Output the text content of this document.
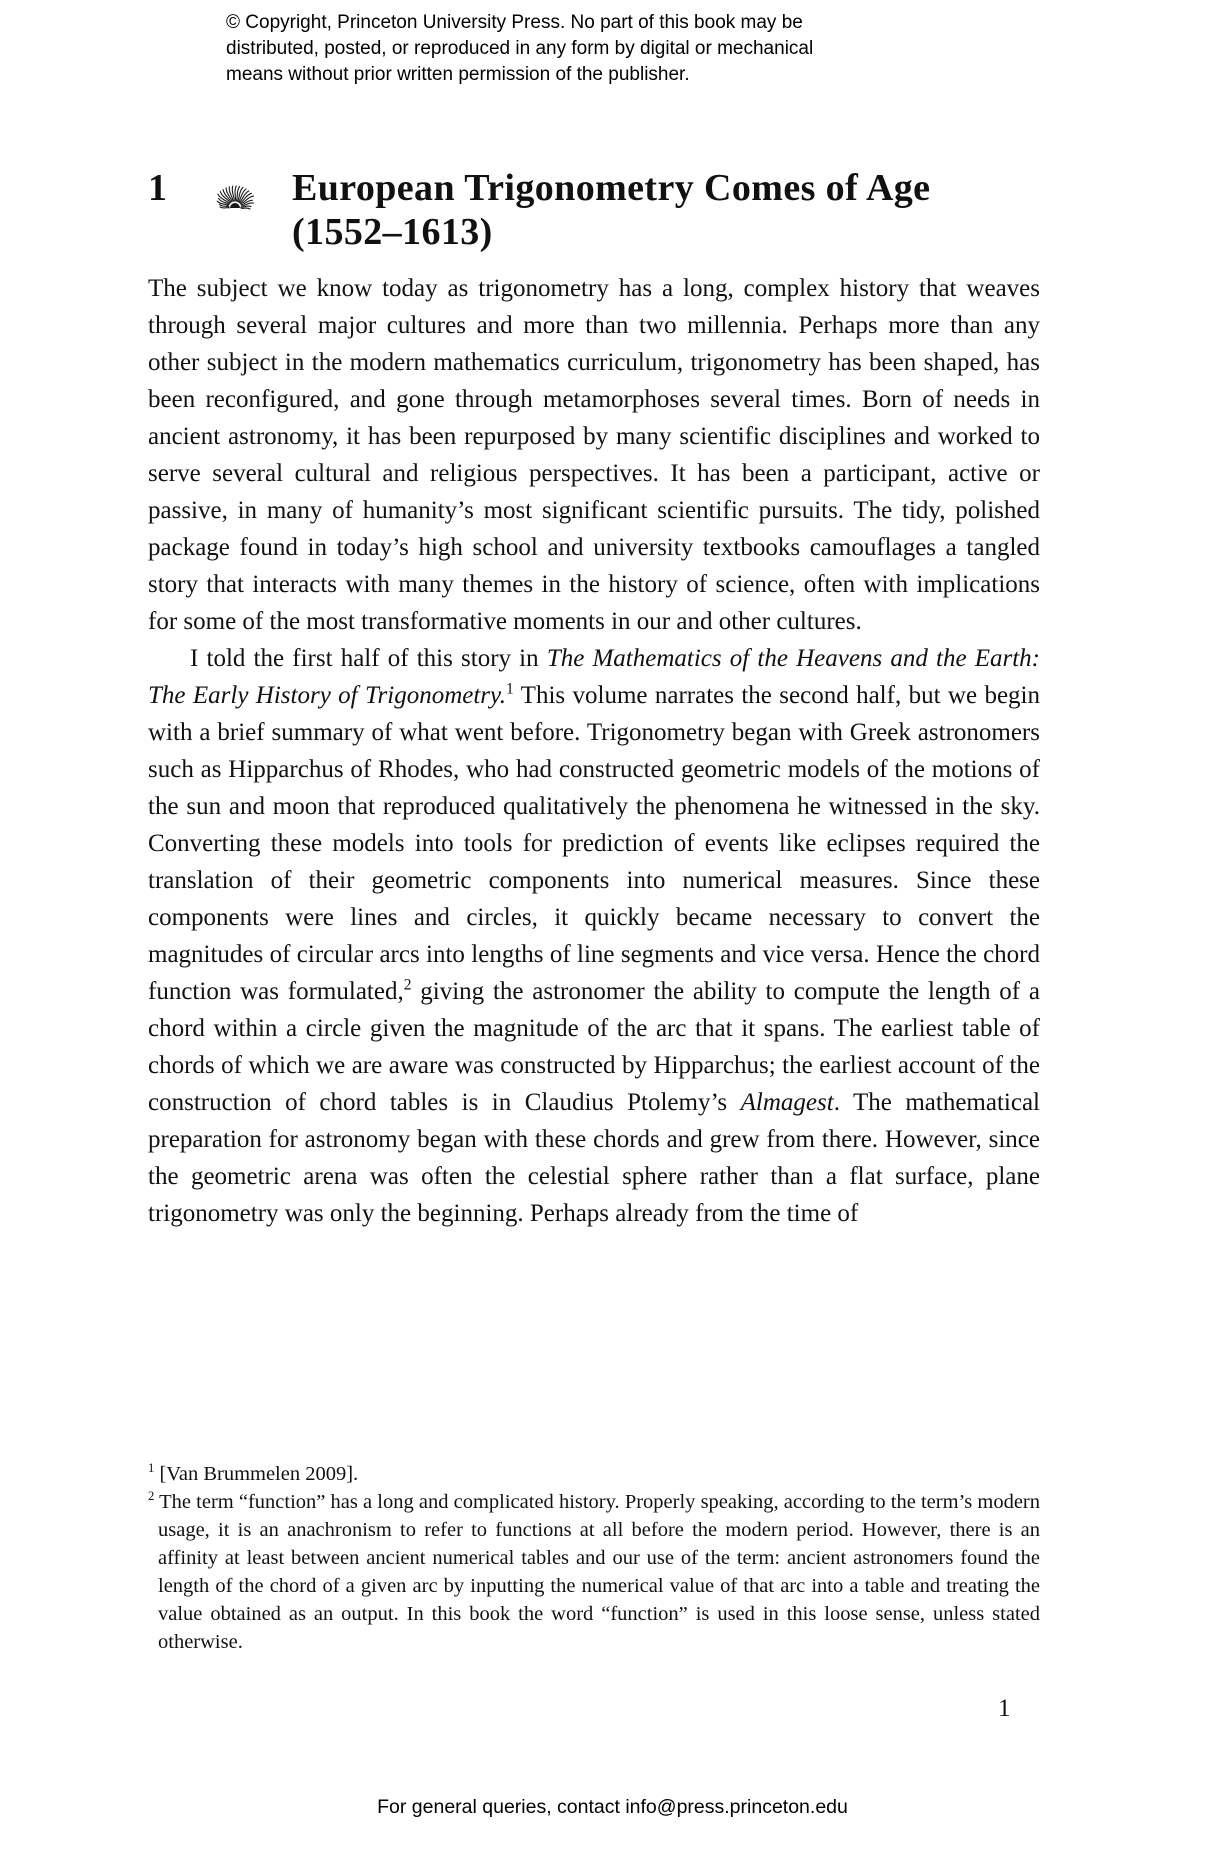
© Copyright, Princeton University Press. No part of this book may be
distributed, posted, or reproduced in any form by digital or mechanical
means without prior written permission of the publisher.
1	European Trigonometry Comes of Age
(1552–1613)

The subject we know today as trigonometry has a long, complex history that weaves through several major cultures and more than two millennia. Perhaps more than any other subject in the modern mathematics curriculum, trigonometry has been shaped, has been reconfigured, and gone through metamorphoses several times. Born of needs in ancient astronomy, it has been repurposed by many scientific disciplines and worked to serve several cultural and religious perspectives. It has been a participant, active or passive, in many of humanity’s most significant scientific pursuits. The tidy, polished package found in today’s high school and university textbooks camouflages a tangled story that interacts with many themes in the history of science, often with implications for some of the most transformative moments in our and other cultures.

I told the first half of this story in The Mathematics of the Heavens and the Earth: The Early History of Trigonometry.$^1$ This volume narrates the second half, but we begin with a brief summary of what went before. Trigonometry began with Greek astronomers such as Hipparchus of Rhodes, who had constructed geometric models of the motions of the sun and moon that reproduced qualitatively the phenomena he witnessed in the sky. Converting these models into tools for prediction of events like eclipses required the translation of their geometric components into numerical measures. Since these components were lines and circles, it quickly became necessary to convert the magnitudes of circular arcs into lengths of line segments and vice versa. Hence the chord function was formulated,$^2$ giving the astronomer the ability to compute the length of a chord within a circle given the magnitude of the arc that it spans. The earliest table of chords of which we are aware was constructed by Hipparchus; the earliest account of the construction of chord tables is in Claudius Ptolemy’s Almagest. The mathematical preparation for astronomy began with these chords and grew from there. However, since the geometric arena was often the celestial sphere rather than a flat surface, plane trigonometry was only the beginning. Perhaps already from the time of

$^1$ [Van Brummelen 2009].

$^2$ The term “function” has a long and complicated history. Properly speaking, according to the term’s modern usage, it is an anachronism to refer to functions at all before the modern period. However, there is an affinity at least between ancient numerical tables and our use of the term: ancient astronomers found the length of the chord of a given arc by inputting the numerical value of that arc into a table and treating the value obtained as an output. In this book the word “function” is used in this loose sense, unless stated otherwise.

1
For general queries, contact info@press.princeton.edu
